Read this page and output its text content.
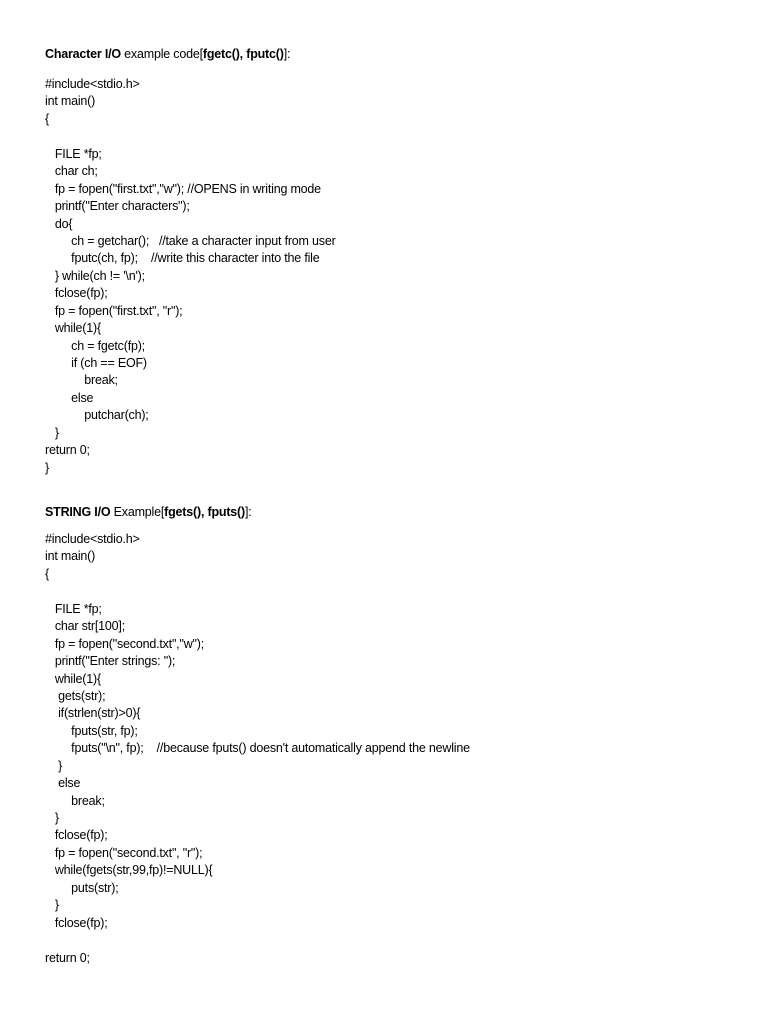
Character I/O example code[fgetc(), fputc()]:
#include<stdio.h>
int main()
{
FILE *fp;
char ch;
fp = fopen("first.txt","w"); //OPENS in writing mode
printf("Enter characters");
do{
ch = getchar();   //take a character input from user
fputc(ch, fp);    //write this character into the file
} while(ch != '\n');
fclose(fp);
fp = fopen("first.txt", "r");
while(1){
ch = fgetc(fp);
if (ch == EOF)
break;
else
putchar(ch);
}
return 0;
}
STRING I/O Example[fgets(), fputs()]:
#include<stdio.h>
int main()
{
FILE *fp;
char str[100];
fp = fopen("second.txt","w");
printf("Enter strings: ");
while(1){
gets(str);
if(strlen(str)>0){
fputs(str, fp);
fputs("\n", fp);    //because fputs() doesn't automatically append the newline
}
else
break;
}
fclose(fp);
fp = fopen("second.txt", "r");
while(fgets(str,99,fp)!=NULL){
puts(str);
}
fclose(fp);
return 0;
